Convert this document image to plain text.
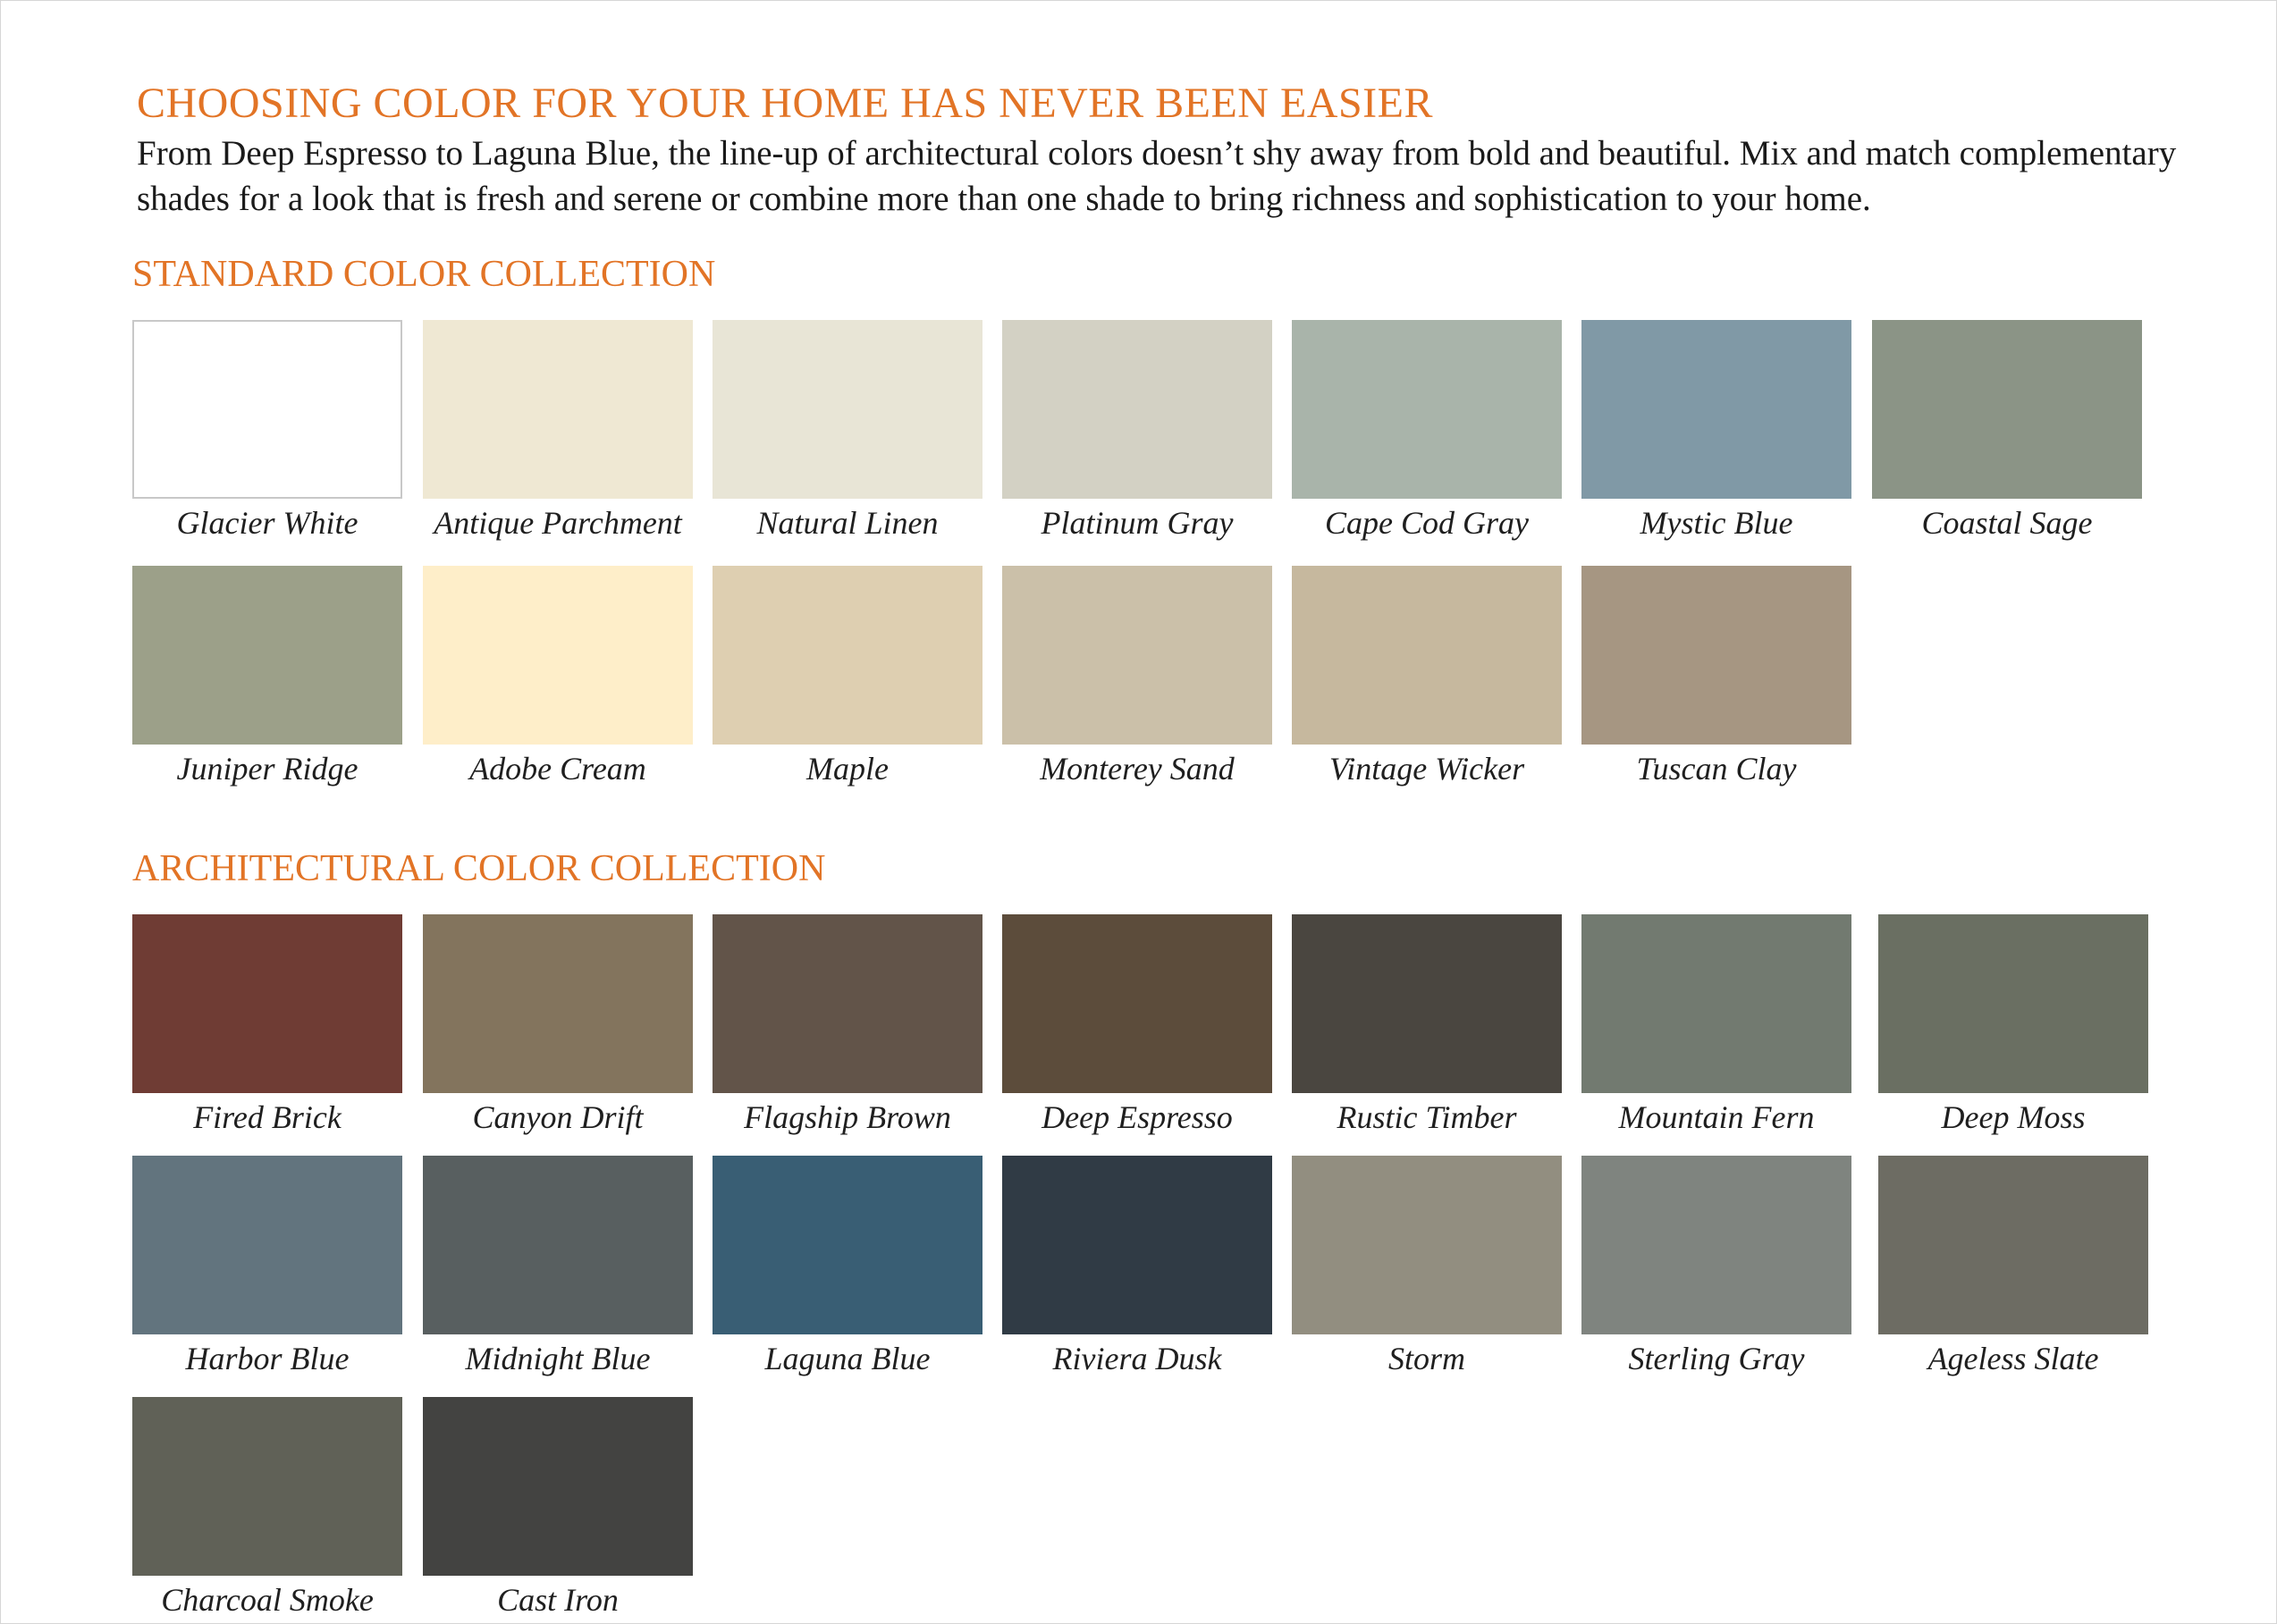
CHOOSING COLOR FOR YOUR HOME HAS NEVER BEEN EASIER
From Deep Espresso to Laguna Blue, the line-up of architectural colors doesn’t shy away from bold and beautiful. Mix and match complementary shades for a look that is fresh and serene or combine more than one shade to bring richness and sophistication to your home.
STANDARD COLOR COLLECTION
Glacier White	Antique Parchment	Natural Linen	Platinum Gray	Cape Cod Gray	Mystic Blue	Coastal Sage
Juniper Ridge	Adobe Cream	Maple	Monterey Sand	Vintage Wicker	Tuscan Clay
ARCHITECTURAL COLOR COLLECTION
Fired Brick	Canyon Drift	Flagship Brown	Deep Espresso	Rustic Timber	Mountain Fern	Deep Moss
Harbor Blue	Midnight Blue	Laguna Blue	Riviera Dusk	Storm	Sterling Gray	Ageless Slate
Charcoal Smoke	Cast Iron
